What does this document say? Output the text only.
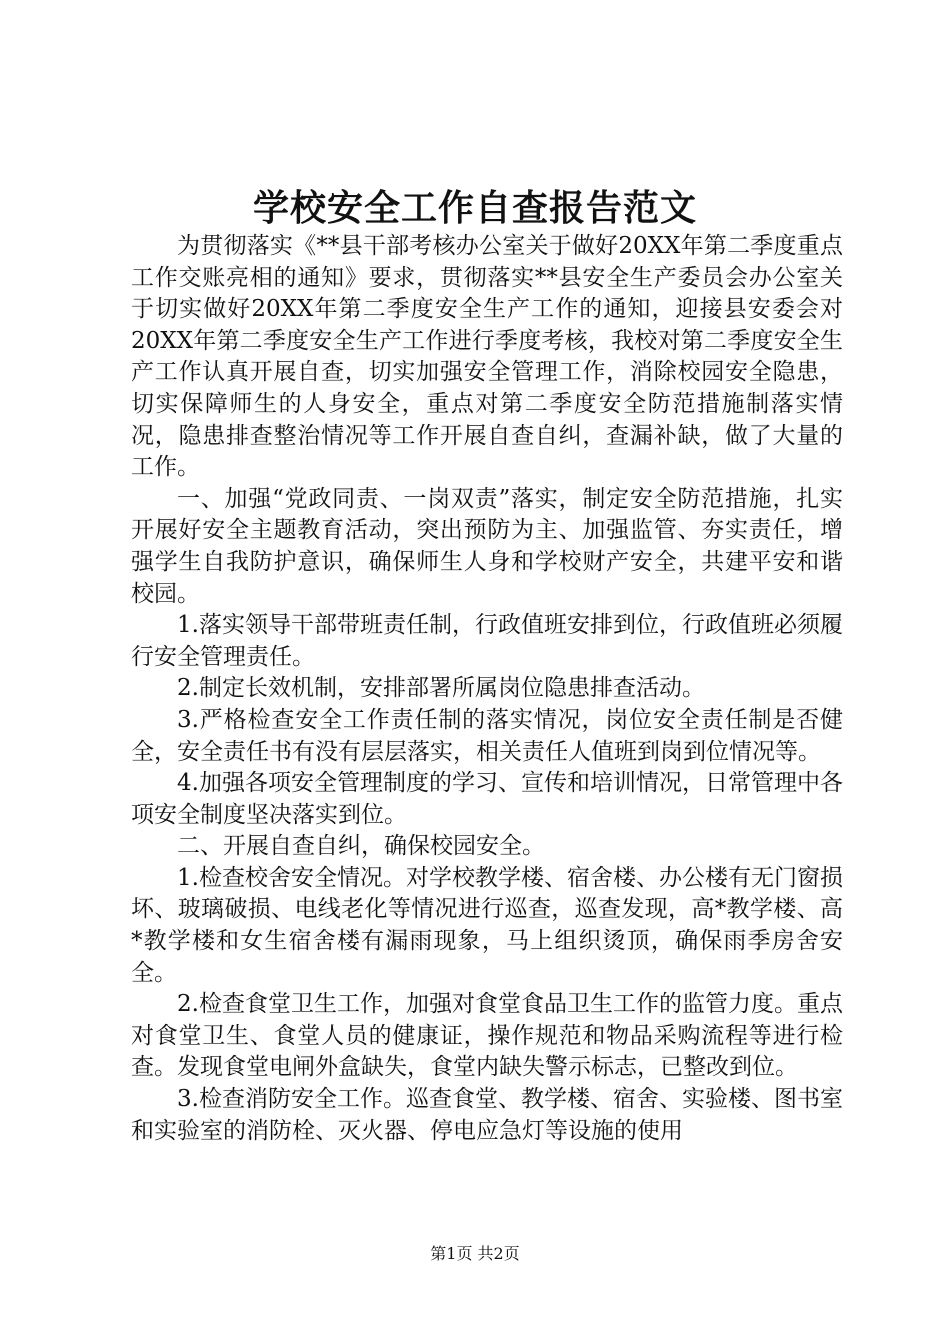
学校安全工作自查报告范文

为贯彻落实《**县干部考核办公室关于做好20XX年第二季度重点工作交账亮相的通知》要求，贯彻落实**县安全生产委员会办公室关于切实做好20XX年第二季度安全生产工作的通知，迎接县安委会对20XX年第二季度安全生产工作进行季度考核，我校对第二季度安全生产工作认真开展自查，切实加强安全管理工作，消除校园安全隐患，切实保障师生的人身安全，重点对第二季度安全防范措施制落实情况，隐患排查整治情况等工作开展自查自纠，查漏补缺，做了大量的工作。

一、加强“党政同责、一岗双责”落实，制定安全防范措施，扎实开展好安全主题教育活动，突出预防为主、加强监管、夯实责任，增强学生自我防护意识，确保师生人身和学校财产安全，共建平安和谐校园。

1.落实领导干部带班责任制，行政值班安排到位，行政值班必须履行安全管理责任。

2.制定长效机制，安排部署所属岗位隐患排查活动。

3.严格检查安全工作责任制的落实情况，岗位安全责任制是否健全，安全责任书有没有层层落实，相关责任人值班到岗到位情况等。

4.加强各项安全管理制度的学习、宣传和培训情况，日常管理中各项安全制度坚决落实到位。

二、开展自查自纠，确保校园安全。

1.检查校舍安全情况。对学校教学楼、宿舍楼、办公楼有无门窗损坏、玻璃破损、电线老化等情况进行巡查，巡查发现，高*教学楼、高*教学楼和女生宿舍楼有漏雨现象，马上组织烫顶，确保雨季房舍安全。

2.检查食堂卫生工作，加强对食堂食品卫生工作的监管力度。重点对食堂卫生、食堂人员的健康证，操作规范和物品采购流程等进行检查。发现食堂电闸外盒缺失，食堂内缺失警示标志，已整改到位。

3.检查消防安全工作。巡查食堂、教学楼、宿舍、实验楼、图书室和实验室的消防栓、灭火器、停电应急灯等设施的使用

第1页 共2页
